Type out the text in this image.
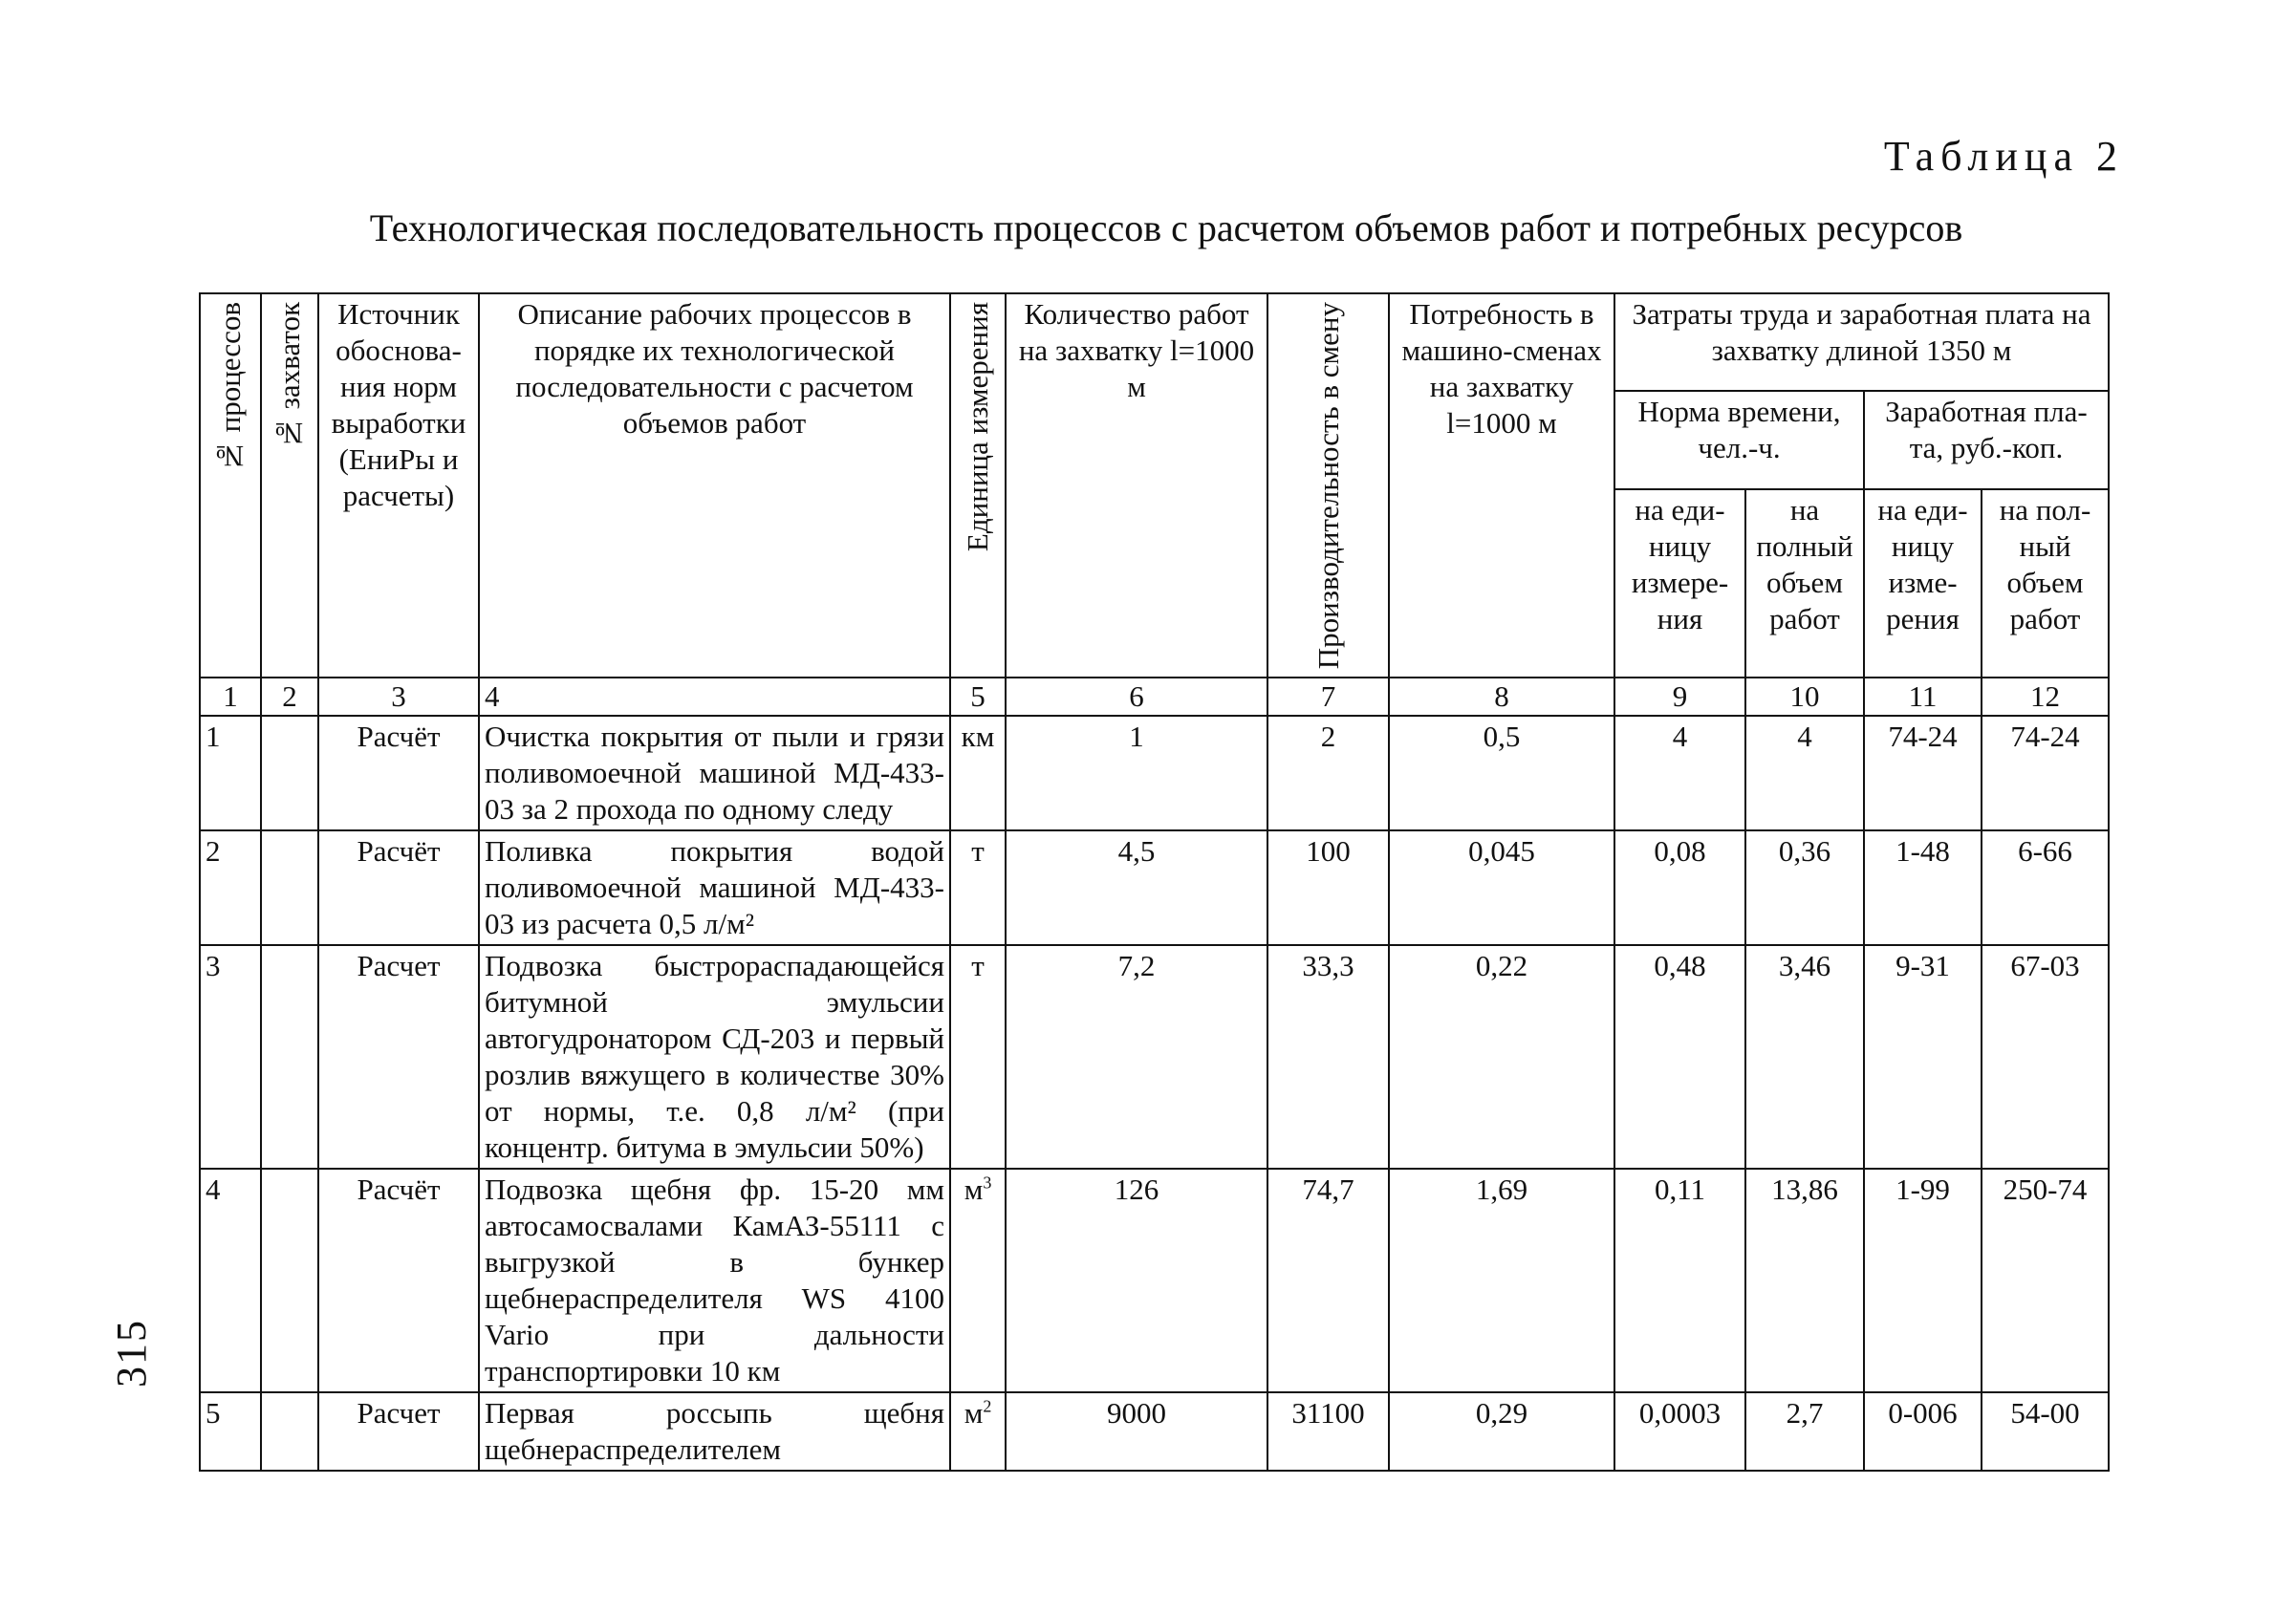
Таблица 2
Технологическая последовательность процессов с расчетом объемов работ и потребных ресурсов
315
№ процессов	№ захваток	Источник обоснова-ния норм выработки (ЕниРы и расчеты)	Описание рабочих процессов в порядке их технологической последовательности с расчетом объемов работ	Единица измерения	Количество работ на захватку l=1000 м	Производительность в смену	Потребность в машино-сменах на захватку l=1000 м	Затраты труда и заработная плата на захватку длиной 1350 м			
								Норма времени, чел.-ч.		Заработная пла-та, руб.-коп.	
								на еди-ницу измере-ния	на полный объем работ	на еди-ницу изме-рения	на пол-ный объем работ
1	2	3	4	5	6	7	8	9	10	11	12
1		Расчёт	Очистка покрытия от пыли и грязи поливомоечной машиной МД-433-03 за 2 прохода по одному следу	км	1	2	0,5	4	4	74-24	74-24
2		Расчёт	Поливка покрытия водой поливомоечной машиной МД-433-03 из расчета 0,5 л/м²	т	4,5	100	0,045	0,08	0,36	1-48	6-66
3		Расчет	Подвозка быстрораспадающейся битумной эмульсии автогудронатором СД-203 и первый розлив вяжущего в количестве 30% от нормы, т.е. 0,8 л/м² (при концентр. битума в эмульсии 50%)	т	7,2	33,3	0,22	0,48	3,46	9-31	67-03
4		Расчёт	Подвозка щебня фр. 15-20 мм автосамосвалами КамАЗ-55111 с выгрузкой в бункер щебнераспределителя WS 4100 Vario при дальности транспортировки 10 км	$м^3$	126	74,7	1,69	0,11	13,86	1-99	250-74
5		Расчет	Первая россыпь щебня щебнераспределителем	$м^2$	9000	31100	0,29	0,0003	2,7	0-006	54-00
